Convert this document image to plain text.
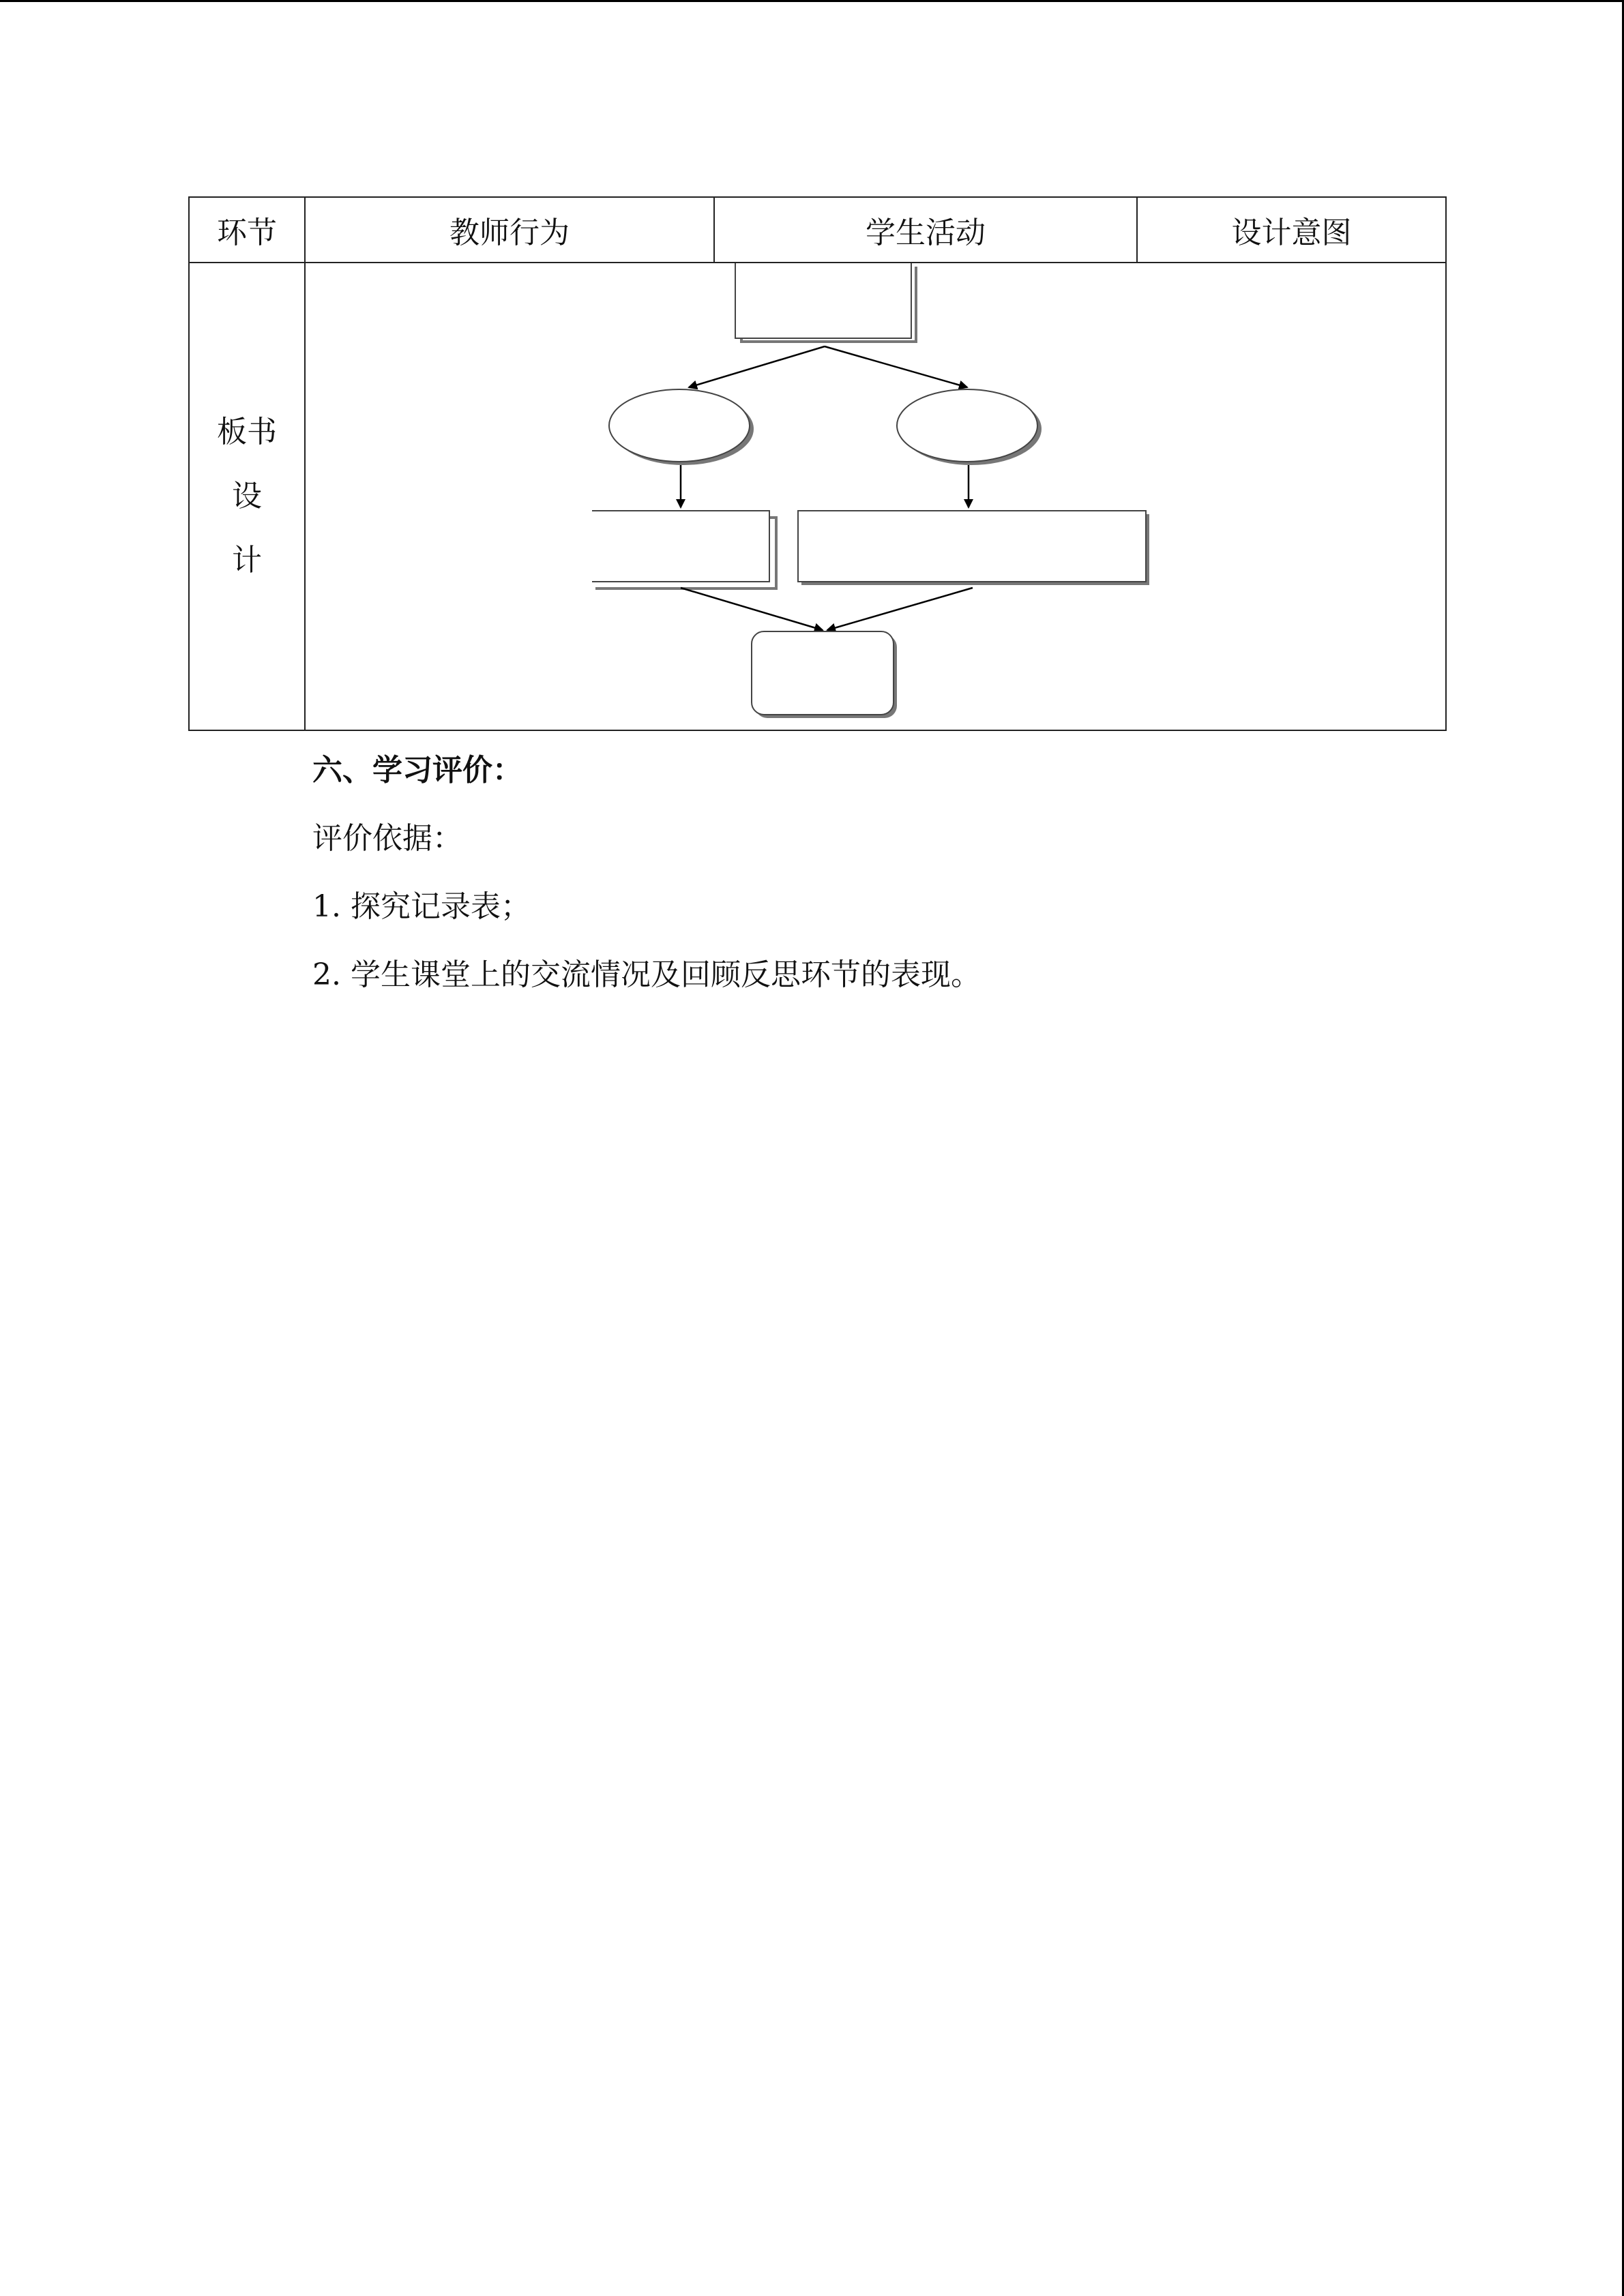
环节	教师行为	学生活动	设计意图

板书
设
计

六、学习评价：

评价依据：

1. 探究记录表；

2. 学生课堂上的交流情况及回顾反思环节的表现。
